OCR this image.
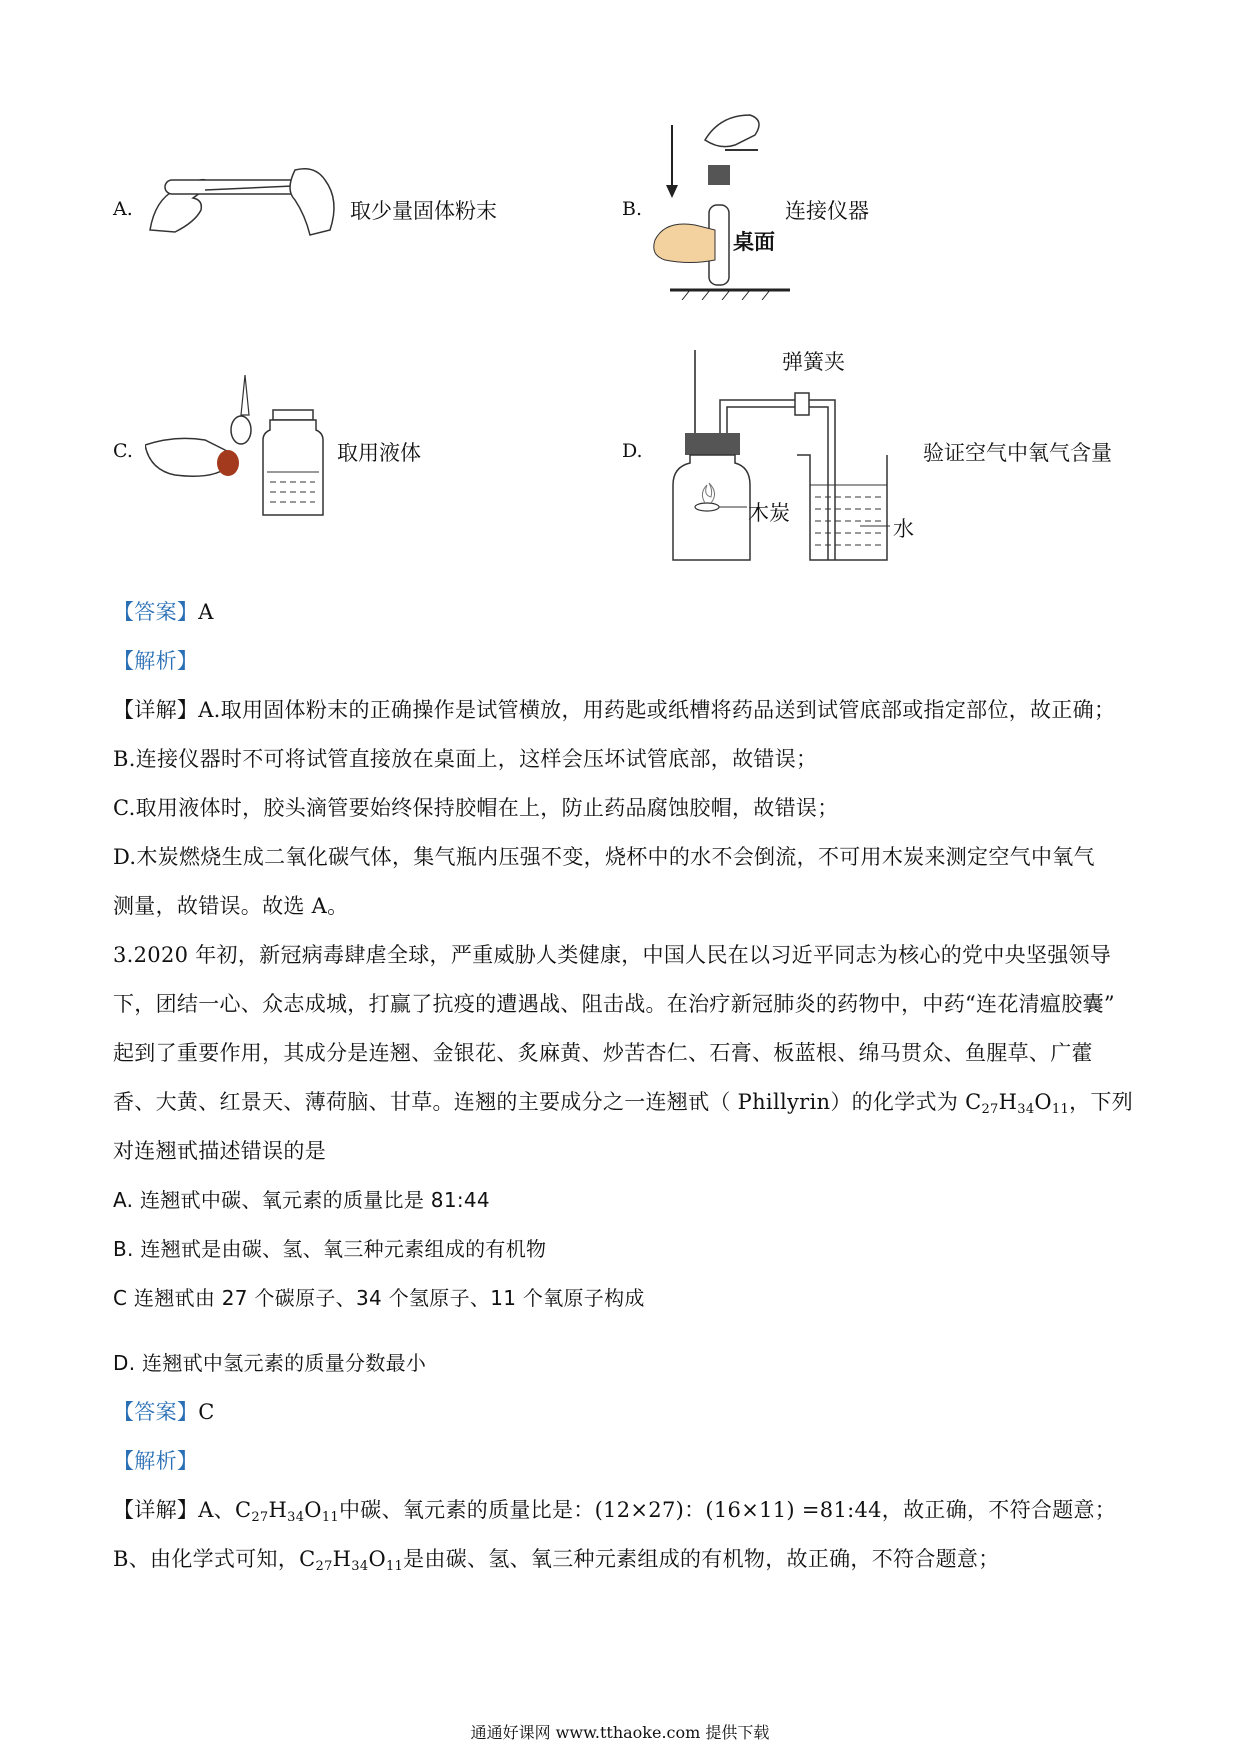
A.	取少量固体粉末	B.
桌面
连接仪器
C.	取用液体	D.
弹簧夹
木炭
水
验证空气中氧气含量
【答案】A
【解析】
【详解】A.取用固体粉末的正确操作是试管横放，用药匙或纸槽将药品送到试管底部或指定部位，故正确；
B.连接仪器时不可将试管直接放在桌面上，这样会压坏试管底部，故错误；
C.取用液体时，胶头滴管要始终保持胶帽在上，防止药品腐蚀胶帽，故错误；
D.木炭燃烧生成二氧化碳气体，集气瓶内压强不变，烧杯中的水不会倒流，不可用木炭来测定空气中氧气
测量，故错误。故选 A。
3.2020 年初，新冠病毒肆虐全球，严重威胁人类健康，中国人民在以习近平同志为核心的党中央坚强领导
下，团结一心、众志成城，打赢了抗疫的遭遇战、阻击战。在治疗新冠肺炎的药物中，中药“连花清瘟胶囊”
起到了重要作用，其成分是连翘、金银花、炙麻黄、炒苦杏仁、石膏、板蓝根、绵马贯众、鱼腥草、广藿
香、大黄、红景天、薄荷脑、甘草。连翘的主要成分之一连翘甙（ Phillyrin）的化学式为 $C_{27}H_{34}O_{11}$，下列
对连翘甙描述错误的是
A. 连翘甙中碳、氧元素的质量比是 81:44
B. 连翘甙是由碳、氢、氧三种元素组成的有机物
C 连翘甙由 27 个碳原子、34 个氢原子、11 个氧原子构成
D. 连翘甙中氢元素的质量分数最小
【答案】C
【解析】
【详解】A、$C_{27}H_{34}O_{11}$中碳、氧元素的质量比是：(12×27)：(16×11) =81:44，故正确，不符合题意；
B、由化学式可知，$C_{27}H_{34}O_{11}$是由碳、氢、氧三种元素组成的有机物，故正确，不符合题意；
通通好课网 www.tthaoke.com 提供下载
